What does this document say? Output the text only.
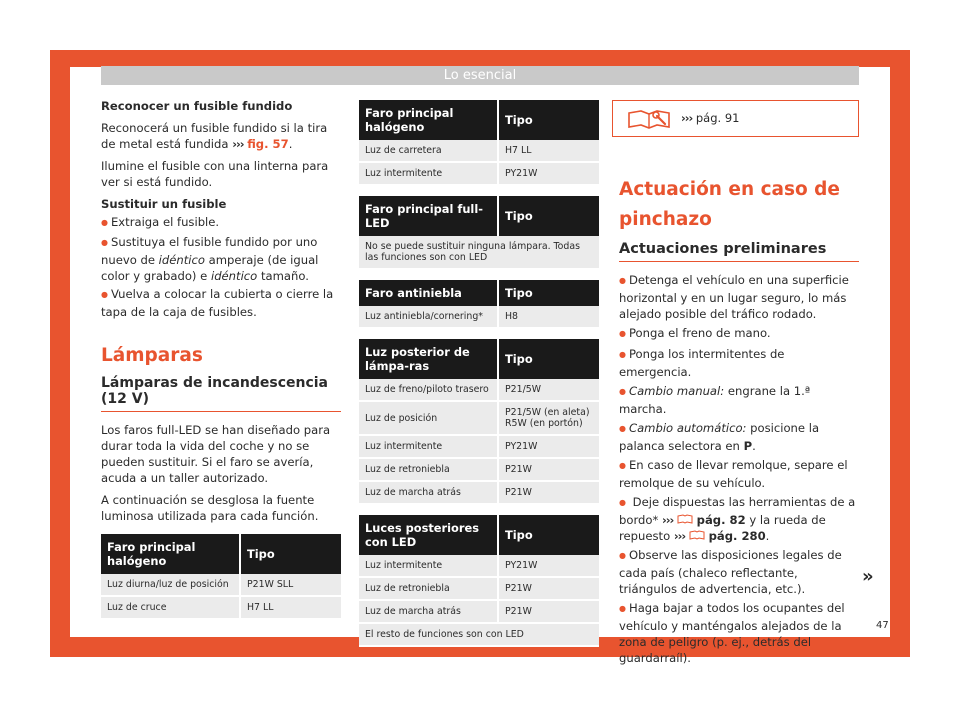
Lo esencial

Reconocer un fusible fundido

Reconocerá un fusible fundido si la tira de metal está fundida ››› fig. 57.

Ilumine el fusible con una linterna para ver si está fundido.

Sustituir un fusible

● Extraiga el fusible.

● Sustituya el fusible fundido por uno nuevo de idéntico amperaje (de igual color y grabado) e idéntico tamaño.

● Vuelva a colocar la cubierta o cierre la tapa de la caja de fusibles.

Lámparas
Lámparas de incandescencia (12 V)

Los faros full-LED se han diseñado para durar toda la vida del coche y no se pueden sustituir. Si el faro se avería, acuda a un taller autorizado.

A continuación se desglosa la fuente luminosa utilizada para cada función.

Faro principal halógeno	Tipo
Luz diurna/luz de posición	P21W SLL
Luz de cruce	H7 LL
Faro principal halógeno	Tipo
Luz de carretera	H7 LL
Luz intermitente	PY21W
Faro principal full-LED	Tipo
No se puede sustituir ninguna lámpara. Todas las funciones son con LED
Faro antiniebla	Tipo
Luz antiniebla/cornering*	H8
Luz posterior de lámpa-ras	Tipo
Luz de freno/piloto trasero	P21/5W
Luz de posición	P21/5W (en aleta) R5W (en portón)
Luz intermitente	PY21W
Luz de retroniebla	P21W
Luz de marcha atrás	P21W
Luces posteriores con LED	Tipo
Luz intermitente	PY21W
Luz de retroniebla	P21W
Luz de marcha atrás	P21W
El resto de funciones son con LED	
››› pág. 91
Actuación en caso de pinchazo
Actuaciones preliminares

● Detenga el vehículo en una superficie horizontal y en un lugar seguro, lo más alejado posible del tráfico rodado.

● Ponga el freno de mano.

● Ponga los intermitentes de emergencia.

● Cambio manual: engrane la 1.ª marcha.

● Cambio automático: posicione la palanca selectora en P.

● En caso de llevar remolque, separe el remolque de su vehículo.

● Deje dispuestas las herramientas de a bordo* ››› pág. 82 y la rueda de repuesto ››› pág. 280.

● Observe las disposiciones legales de cada país (chaleco reflectante, triángulos de advertencia, etc.).

● Haga bajar a todos los ocupantes del vehículo y manténgalos alejados de la zona de peligro (p. ej., detrás del guardarraíl).

»
47
